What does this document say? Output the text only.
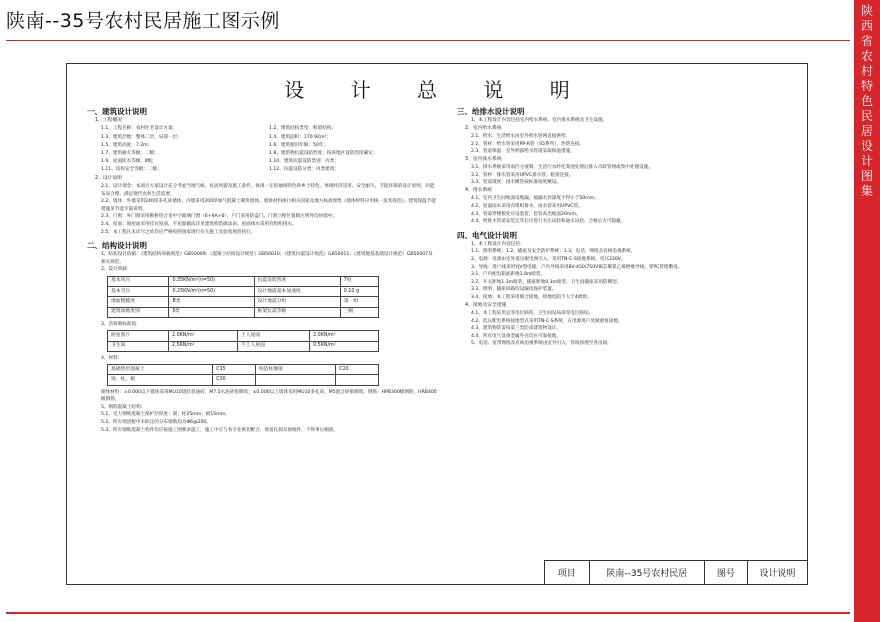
陕南--35号农村民居施工图示例	陕西省农村特色民居设计图集
设 计 总 说 明
一、建筑设计说明
1、工程概况
1.1、工程名称：农村住宅设计方案；	1.2、建筑结构类型：框架结构；
1.3、建筑层数：整体二层，局部一层；	1.4、建筑面积：170.92m²；
1.5、建筑高度：7.2m；	1.6、建筑使用年限：50年；
1.7、建筑耐火等级：二级；	1.8、建筑物抗震设防烈度：按该地区设防烈度确定；
1.9、屋面防水等级：Ⅱ级；	1.10、建筑抗震设防类别：丙类；
1.11、结构安全等级：二级；	1.12、抗震设防分类：丙类建筑；
2、设计说明
2.1、设计理念：本项目方案设计充分考虑当地气候、民居风貌及施工条件，体现一定的地域特色和乡土特色。体现经济适用、安全耐久、节能环保的设计原则，功能布局合理，满足现代农村生活需要。
2.2、墙体：外墙采用240厚多孔砖墙体，内墙采用200厚加气混凝土砌块墙体，墙体材料执行相关国家及地方标准图集《墙体材料应用统一技术规范》。建筑保温节能措施见节能专篇说明。
2.3、门窗：外门窗采用断桥铝合金中空玻璃门窗（6+9A+6），户门采用防盗门。门窗立樘位置除注明外均居墙中。
2.4、屋面：坡屋面采用挂瓦屋面，平屋面做法详见建筑构造做法表。屋面排水采用有组织排水。
2.5、本工程凡未详尽之处均应严格按照国家现行有关施工及验收规范执行。
二、结构设计说明
1、结构设计依据：《建筑结构荷载规范》GB50009；《混凝土结构设计规范》GB50010；《建筑抗震设计规范》GB50011；《建筑地基基础设计规范》GB50007及相关规范。
2、设计荷载：
基本风压	0.35KN/m²(n=50)	抗震设防烈度	7度
基本雪压	0.25KN/m²(n=50)	设计地震基本加速度	0.10 g
地面粗糙度	B类	设计地震分组	第一组
建筑场地类别	Ⅱ类	框架抗震等级	三级
3、活荷载标准值：
卧室客厅	2.0KN/m²	上人屋面	2.0KN/m²
卫生间	2.5KN/m²	不上人屋面	0.5KN/m²
4、材料：
基础垫层混凝土	C15	构造柱圈梁	C20
梁、柱、板	C30		
砌体材料：±0.000以下墙体采用MU10烧结普通砖，M7.5水泥砂浆砌筑；±0.000以上墙体采用MU10多孔砖，M5混合砂浆砌筑。钢筋：HPB300级钢筋，HRB400级钢筋。
5、钢筋混凝土结构：
5.1、受力钢筋混凝土保护层厚度：梁、柱25mm；板15mm。
5.2、所有现浇板中未标注的分布钢筋均为Φ6@200。
5.3、所有钢筋混凝土构件均应按施工图要求施工，施工中应与各专业密切配合，预留孔洞及预埋件，不得事后剔凿。
三、给排水设计说明
1、本工程设计内容包括室内给水系统、室内排水系统及卫生设施。
2、室内给水系统
2.1、给水：生活给水由室外给水管网直接供给。
2.2、管材：给水管采用PP-R管（S5系列），热熔连接。
2.3、管道保温：室外明露给水管道采取保温措施。
3、室内排水系统
3.1、排水系统采用雨污分流制，生活污水经化粪池处理后排入市政管网或集中处理设施。
3.2、管材：排水管采用UPVC排水管，粘接连接。
3.3、管道坡度：排水横管按标准坡度敷设。
4、排水系统
4.1、室内卫生间地面设地漏，地漏水封深度不得小于50mm。
4.2、屋面雨水采用有组织排水，雨水管采用UPVC管。
4.3、管道穿楼板处应设套管，套管高出地面20mm。
4.4、给排水管道安装完毕后应进行水压试验和通水试验，合格后方可隐蔽。
四、电气设计说明
1、本工程设计内容包括：
1.1、照明系统；1.2、插座及安全防护系统；1.3、电话、网络及有线电视系统。
2、电源：电源由室外低压配电网引入，采用TN-C-S接地系统，电压220V。
3、导线：进户线采用YJV型电缆，户内导线采用BV-450/750V铜芯聚氯乙烯绝缘导线，穿PC管暗敷设。
3.1、户内配电箱底距地1.8m暗装。
3.2、开关距地1.3m暗装，插座距地0.3m暗装，卫生间插座采用防溅型。
3.3、照明、插座回路均设漏电保护装置。
3.4、接地：本工程采用联合接地，接地电阻不大于4欧姆。
4、接地及安全措施
4.1、本工程采用总等电位联结，卫生间设局部等电位联结。
4.2、低压配电系统接地型式采用TN-C-S系统，在电源进户处做重复接地。
4.3、建筑物防雷按第三类防雷建筑物设计。
4.4、所有电气设备金属外壳均应可靠接地。
5、电话、宽带网络及有线电视系统由室外引入，管线预埋至各房间。
项目	陕南--35号农村民居	图号	设计说明
